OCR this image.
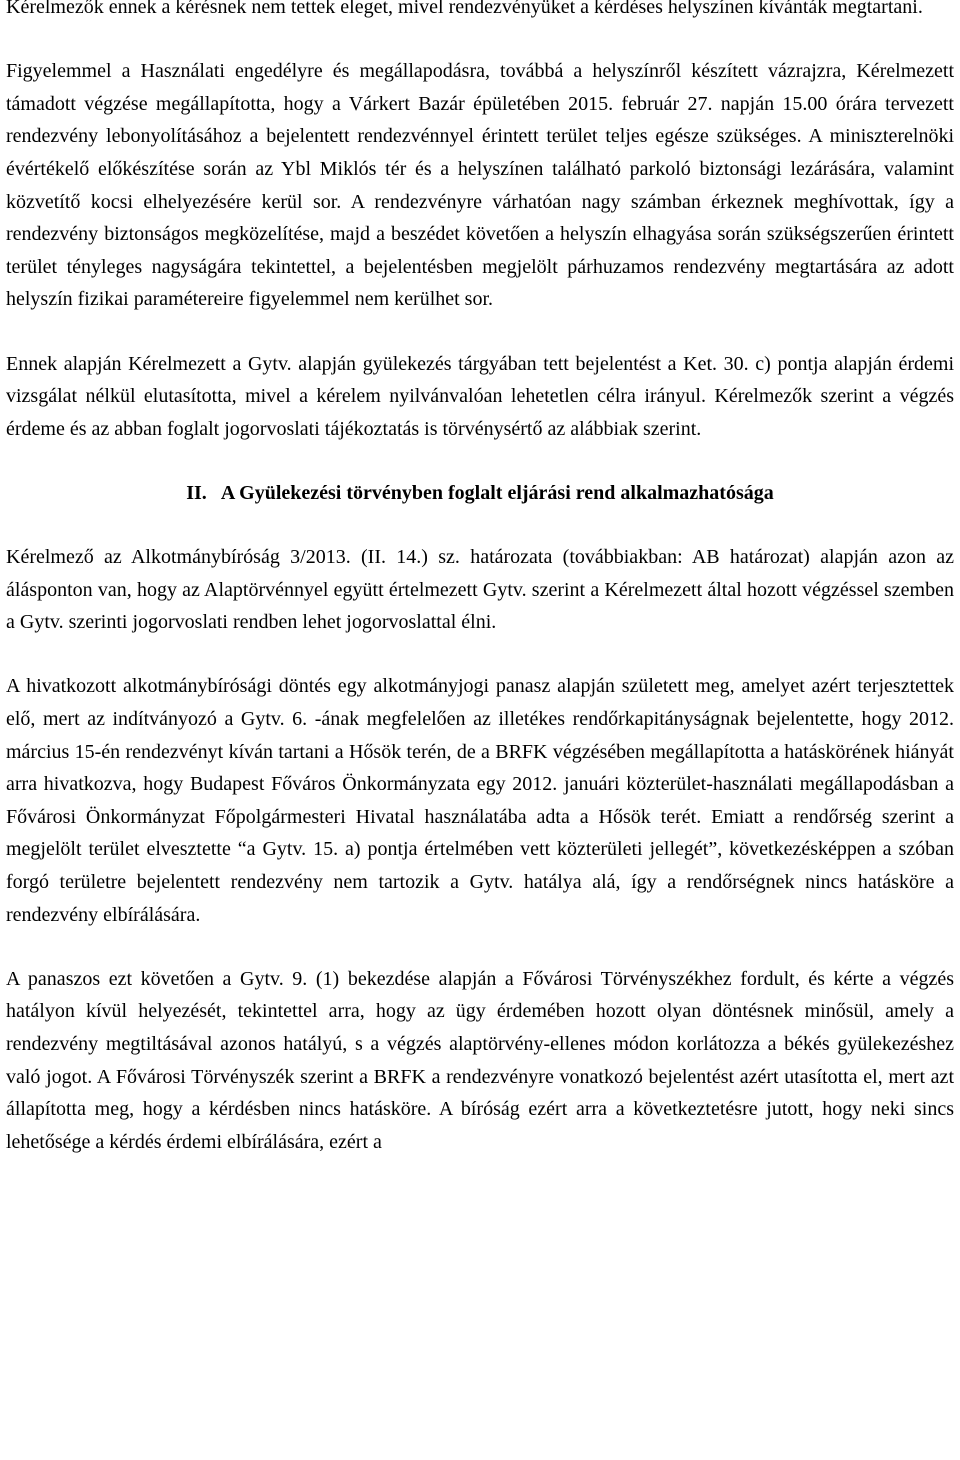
Kérelmezők ennek a kérésnek nem tettek eleget, mivel rendezvényüket a kérdéses helyszínen kívánták megtartani.

Figyelemmel a Használati engedélyre és megállapodásra, továbbá a helyszínről készített vázrajzra, Kérelmezett támadott végzése megállapította, hogy a Várkert Bazár épületében 2015. február 27. napján 15.00 órára tervezett rendezvény lebonyolításához a bejelentett rendezvénnyel érintett terület teljes egésze szükséges. A miniszterelnöki évértékelő előkészítése során az Ybl Miklós tér és a helyszínen található parkoló biztonsági lezárására, valamint közvetítő kocsi elhelyezésére kerül sor. A rendezvényre várhatóan nagy számban érkeznek meghívottak, így a rendezvény biztonságos megközelítése, majd a beszédet követően a helyszín elhagyása során szükségszerűen érintett terület tényleges nagyságára tekintettel, a bejelentésben megjelölt párhuzamos rendezvény megtartására az adott helyszín fizikai paramétereire figyelemmel nem kerülhet sor.

Ennek alapján Kérelmezett a Gytv. alapján gyülekezés tárgyában tett bejelentést a Ket. 30. c) pontja alapján érdemi vizsgálat nélkül elutasította, mivel a kérelem nyilvánvalóan lehetetlen célra irányul. Kérelmezők szerint a végzés érdeme és az abban foglalt jogorvoslati tájékoztatás is törvénysértő az alábbiak szerint.

II. A Gyülekezési törvényben foglalt eljárási rend alkalmazhatósága

Kérelmező az Alkotmánybíróság 3/2013. (II. 14.) sz. határozata (továbbiakban: AB határozat) alapján azon az álásponton van, hogy az Alaptörvénnyel együtt értelmezett Gytv. szerint a Kérelmezett által hozott végzéssel szemben a Gytv. szerinti jogorvoslati rendben lehet jogorvoslattal élni.

A hivatkozott alkotmánybírósági döntés egy alkotmányjogi panasz alapján született meg, amelyet azért terjesztettek elő, mert az indítványozó a Gytv. 6. -ának megfelelően az illetékes rendőrkapitányságnak bejelentette, hogy 2012. március 15-én rendezvényt kíván tartani a Hősök terén, de a BRFK végzésében megállapította a hatáskörének hiányát arra hivatkozva, hogy Budapest Főváros Önkormányzata egy 2012. januári közterület-használati megállapodásban a Fővárosi Önkormányzat Főpolgármesteri Hivatal használatába adta a Hősök terét. Emiatt a rendőrség szerint a megjelölt terület elvesztette “a Gytv. 15. a) pontja értelmében vett közterületi jellegét”, következésképpen a szóban forgó területre bejelentett rendezvény nem tartozik a Gytv. hatálya alá, így a rendőrségnek nincs hatásköre a rendezvény elbírálására.

A panaszos ezt követően a Gytv. 9. (1) bekezdése alapján a Fővárosi Törvényszékhez fordult, és kérte a végzés hatályon kívül helyezését, tekintettel arra, hogy az ügy érdemében hozott olyan döntésnek minősül, amely a rendezvény megtiltásával azonos hatályú, s a végzés alaptörvény-ellenes módon korlátozza a békés gyülekezéshez való jogot. A Fővárosi Törvényszék szerint a BRFK a rendezvényre vonatkozó bejelentést azért utasította el, mert azt állapította meg, hogy a kérdésben nincs hatásköre. A bíróság ezért arra a következtetésre jutott, hogy neki sincs lehetősége a kérdés érdemi elbírálására, ezért a
